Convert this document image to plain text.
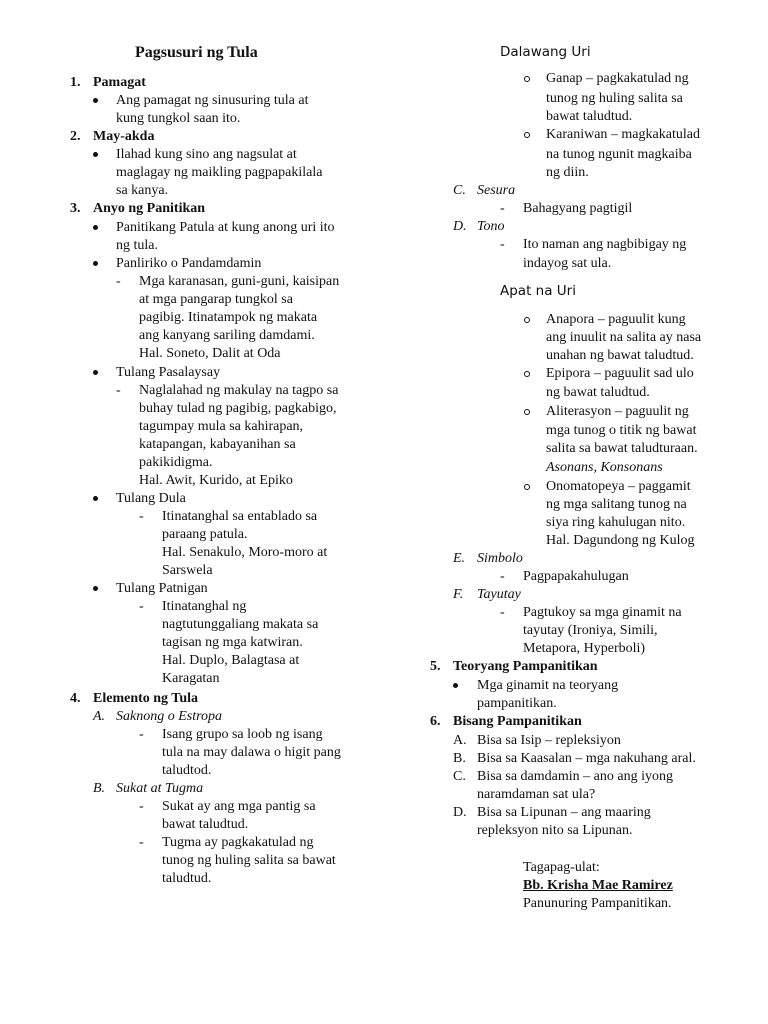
Pagsusuri ng Tula
1. Pamagat
Ang pamagat ng sinusuring tula at
kung tungkol saan ito.
2. May-akda
Ilahad kung sino ang nagsulat at
maglagay ng maikling pagpapakilala
sa kanya.
3. Anyo ng Panitikan
Panitikang Patula at kung anong uri ito
ng tula.
Panliriko o Pandamdamin
- Mga karanasan, guni-guni, kaisipan
at mga pangarap tungkol sa
pagibig. Itinatampok ng makata
ang kanyang sariling damdami.
Hal. Soneto, Dalit at Oda
Tulang Pasalaysay
- Naglalahad ng makulay na tagpo sa
buhay tulad ng pagibig, pagkabigo,
tagumpay mula sa kahirapan,
katapangan, kabayanihan sa
pakikidigma.
Hal. Awit, Kurido, at Epiko
Tulang Dula
- Itinatanghal sa entablado sa
paraang patula.
Hal. Senakulo, Moro-moro at
Sarswela
Tulang Patnigan
- Itinatanghal ng
nagtutunggaliang makata sa
tagisan ng mga katwiran.
Hal. Duplo, Balagtasa at
Karagatan
4. Elemento ng Tula
A. Saknong o Estropa
- Isang grupo sa loob ng isang
tula na may dalawa o higit pang
taludtod.
B. Sukat at Tugma
- Sukat ay ang mga pantig sa
bawat taludtud.
- Tugma ay pagkakatulad ng
tunog ng huling salita sa bawat
taludtud.
Dalawang Uri
Ganap – pagkakatulad ng
tunog ng huling salita sa
bawat taludtud.
Karaniwan – magkakatulad
na tunog ngunit magkaiba
ng diin.
C. Sesura
- Bahagyang pagtigil
D. Tono
- Ito naman ang nagbibigay ng
indayog sat ula.
Apat na Uri
Anapora – paguulit kung
ang inuulit na salita ay nasa
unahan ng bawat taludtud.
Epipora – paguulit sad ulo
ng bawat taludtud.
Aliterasyon – paguulit ng
mga tunog o titik ng bawat
salita sa bawat taludturaan.
Asonans, Konsonans
Onomatopeya – paggamit
ng mga salitang tunog na
siya ring kahulugan nito.
Hal. Dagundong ng Kulog
E. Simbolo
- Pagpapakahulugan
F. Tayutay
- Pagtukoy sa mga ginamit na
tayutay (Ironiya, Simili,
Metapora, Hyperboli)
5. Teoryang Pampanitikan
Mga ginamit na teoryang
pampanitikan.
6. Bisang Pampanitikan
A. Bisa sa Isip – repleksiyon
B. Bisa sa Kaasalan – mga nakuhang aral.
C. Bisa sa damdamin – ano ang iyong
naramdaman sat ula?
D. Bisa sa Lipunan – ang maaring
repleksyon nito sa Lipunan.
Tagapag-ulat:
Bb. Krisha Mae Ramirez
Panunuring Pampanitikan.
